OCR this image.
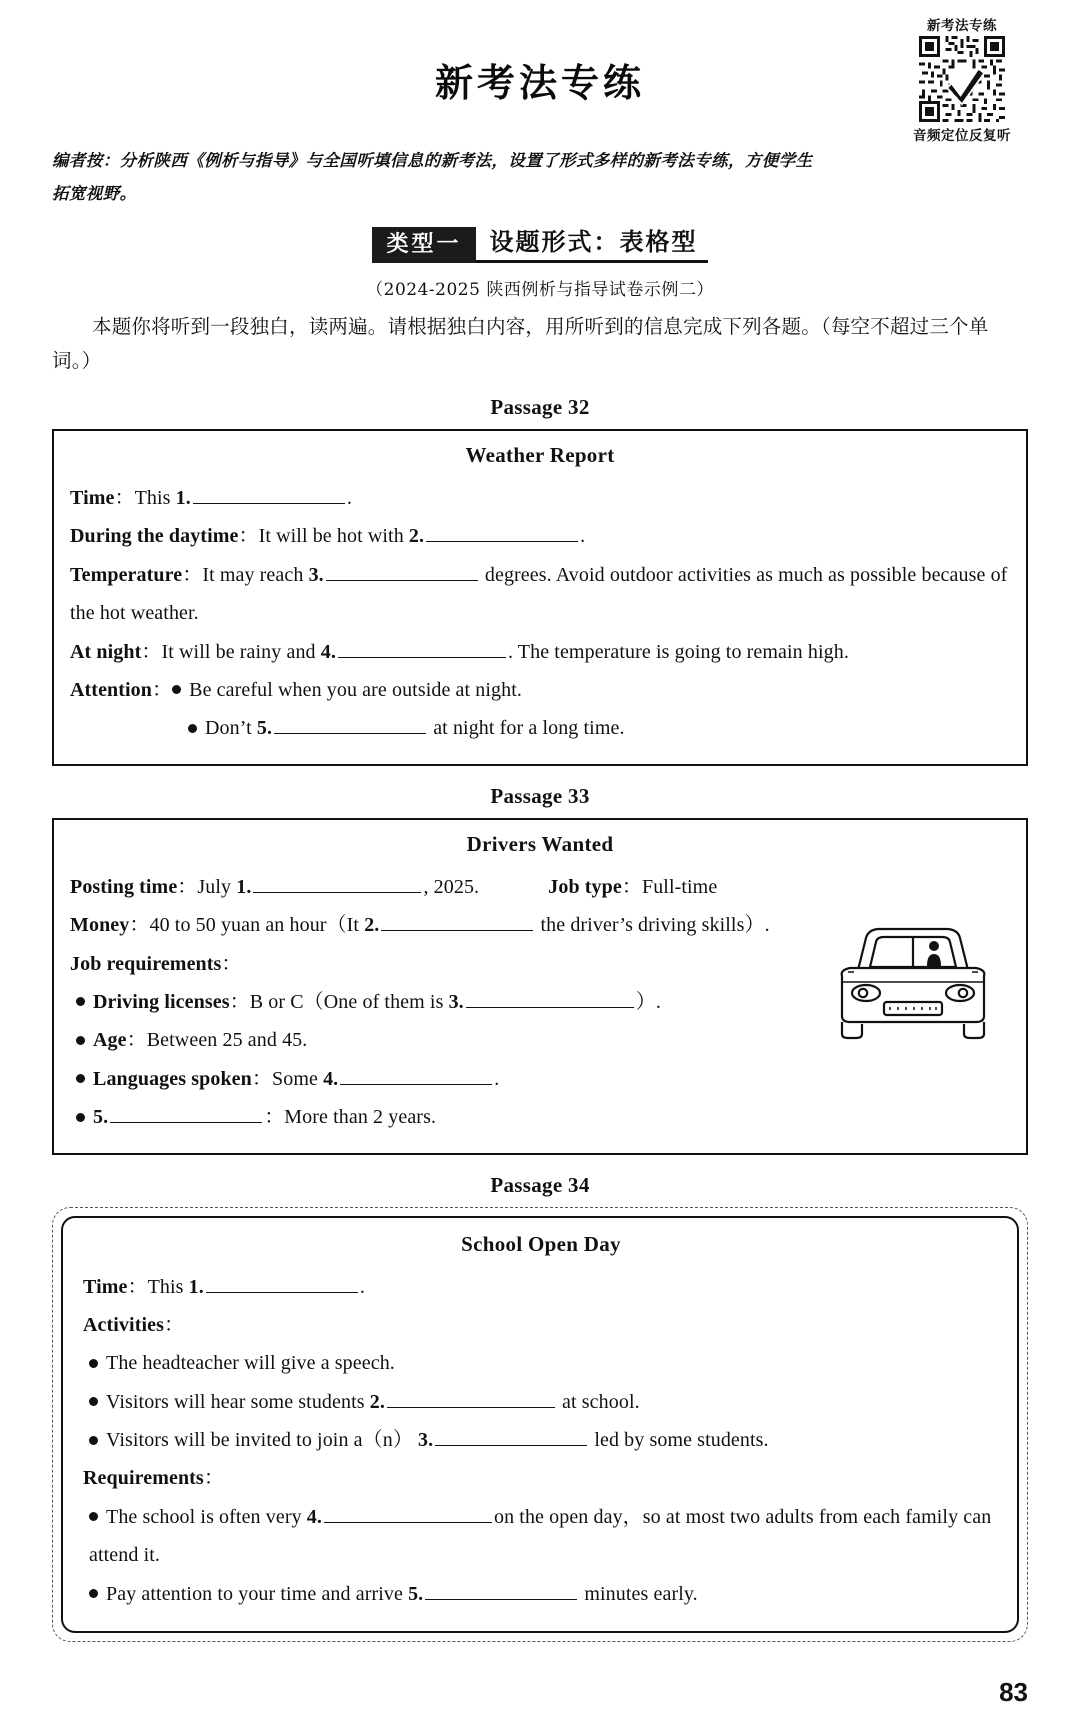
新考法专练
新考法专练
音频定位反复听
编者按：分析陕西《例析与指导》与全国听填信息的新考法，设置了形式多样的新考法专练，方便学生拓宽视野。
类型一	设题形式：表格型
（2024-2025 陕西例析与指导试卷示例二）
本题你将听到一段独白，读两遍。请根据独白内容，用所听到的信息完成下列各题。（每空不超过三个单词。）
Passage 32
Weather Report
Time：This 1.	.
During the daytime：It will be hot with 2.	.
Temperature：It may reach 3.	degrees. Avoid outdoor activities as much as possible because of the hot weather.
At night：It will be rainy and 4.	. The temperature is going to remain high.
Attention： Be careful when you are outside at night.
Don’t 5.	at night for a long time.
Passage 33
Drivers Wanted
Posting time：July 1.	, 2025.	Job type：Full-time
Money：40 to 50 yuan an hour（It 2.	the driver’s driving skills）.
Job requirements：
Driving licenses：B or C（One of them is 3.	）.
Age：Between 25 and 45.
Languages spoken：Some 4.	.
5.	：More than 2 years.
Passage 34
School Open Day
Time：This 1.	.
Activities：
The headteacher will give a speech.
Visitors will hear some students 2.	at school.
Visitors will be invited to join a（n） 3.	led by some students.
Requirements：
The school is often very 4.	on the open day，so at most two adults from each family can attend it.
Pay attention to your time and arrive 5.	minutes early.
83
